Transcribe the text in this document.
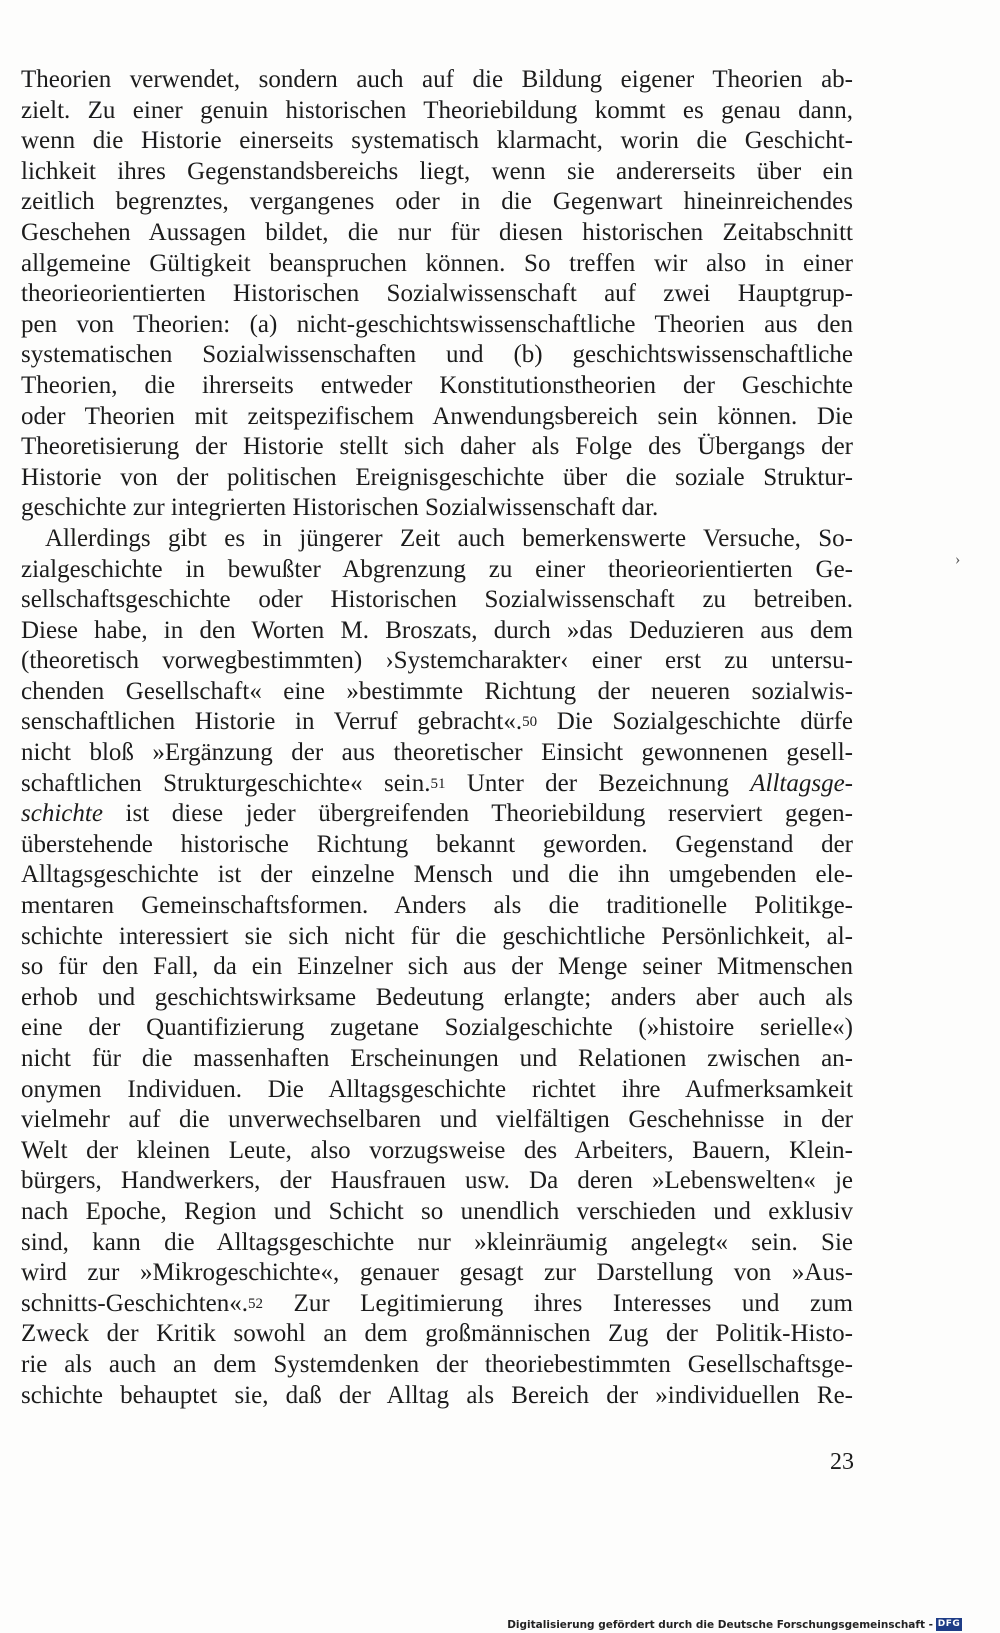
Theorien verwendet, sondern auch auf die Bildung eigener Theorien ab-
zielt. Zu einer genuin historischen Theoriebildung kommt es genau dann,
wenn die Historie einerseits systematisch klarmacht, worin die Geschicht-
lichkeit ihres Gegenstandsbereichs liegt, wenn sie andererseits über ein
zeitlich begrenztes, vergangenes oder in die Gegenwart hineinreichendes
Geschehen Aussagen bildet, die nur für diesen historischen Zeitabschnitt
allgemeine Gültigkeit beanspruchen können. So treffen wir also in einer
theorieorientierten Historischen Sozialwissenschaft auf zwei Hauptgrup-
pen von Theorien: (a) nicht-geschichtswissenschaftliche Theorien aus den
systematischen Sozialwissenschaften und (b) geschichtswissenschaftliche
Theorien, die ihrerseits entweder Konstitutionstheorien der Geschichte
oder Theorien mit zeitspezifischem Anwendungsbereich sein können. Die
Theoretisierung der Historie stellt sich daher als Folge des Übergangs der
Historie von der politischen Ereignisgeschichte über die soziale Struktur-
geschichte zur integrierten Historischen Sozialwissenschaft dar.
Allerdings gibt es in jüngerer Zeit auch bemerkenswerte Versuche, So-
zialgeschichte in bewußter Abgrenzung zu einer theorieorientierten Ge-
sellschaftsgeschichte oder Historischen Sozialwissenschaft zu betreiben.
Diese habe, in den Worten M. Broszats, durch »das Deduzieren aus dem
(theoretisch vorwegbestimmten) ›Systemcharakter‹ einer erst zu untersu-
chenden Gesellschaft« eine »bestimmte Richtung der neueren sozialwis-
senschaftlichen Historie in Verruf gebracht«.$^{50}$ Die Sozialgeschichte dürfe
nicht bloß »Ergänzung der aus theoretischer Einsicht gewonnenen gesell-
schaftlichen Strukturgeschichte« sein.$^{51}$ Unter der Bezeichnung Alltagsge-
schichte ist diese jeder übergreifenden Theoriebildung reserviert gegen-
überstehende historische Richtung bekannt geworden. Gegenstand der
Alltagsgeschichte ist der einzelne Mensch und die ihn umgebenden ele-
mentaren Gemeinschaftsformen. Anders als die traditionelle Politikge-
schichte interessiert sie sich nicht für die geschichtliche Persönlichkeit, al-
so für den Fall, da ein Einzelner sich aus der Menge seiner Mitmenschen
erhob und geschichtswirksame Bedeutung erlangte; anders aber auch als
eine der Quantifizierung zugetane Sozialgeschichte (»histoire serielle«)
nicht für die massenhaften Erscheinungen und Relationen zwischen an-
onymen Individuen. Die Alltagsgeschichte richtet ihre Aufmerksamkeit
vielmehr auf die unverwechselbaren und vielfältigen Geschehnisse in der
Welt der kleinen Leute, also vorzugsweise des Arbeiters, Bauern, Klein-
bürgers, Handwerkers, der Hausfrauen usw. Da deren »Lebenswelten« je
nach Epoche, Region und Schicht so unendlich verschieden und exklusiv
sind, kann die Alltagsgeschichte nur »kleinräumig angelegt« sein. Sie
wird zur »Mikrogeschichte«, genauer gesagt zur Darstellung von »Aus-
schnitts-Geschichten«.$^{52}$ Zur Legitimierung ihres Interesses und zum
Zweck der Kritik sowohl an dem großmännischen Zug der Politik-Histo-
rie als auch an dem Systemdenken der theoriebestimmten Gesellschaftsge-
schichte behauptet sie, daß der Alltag als Bereich der »individuellen Re-
›
23
Digitalisierung gefördert durch die Deutsche Forschungsgemeinschaft - DFG
